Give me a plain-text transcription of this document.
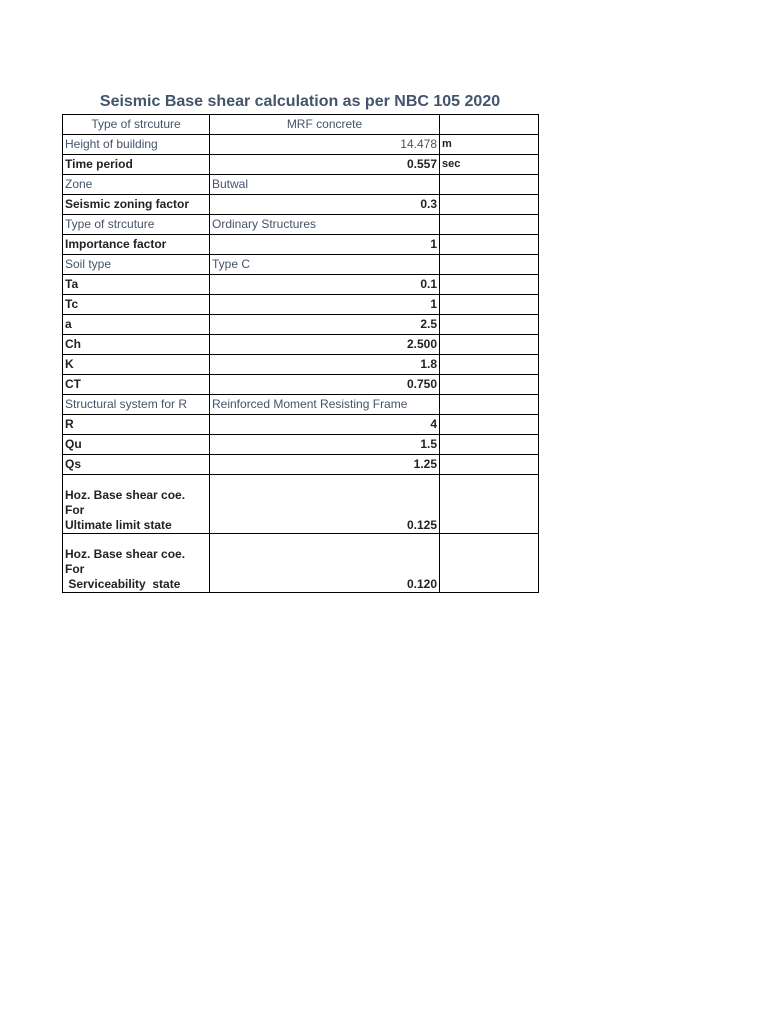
Seismic Base shear calculation as per NBC 105 2020
Type of strcuture	MRF concrete	
Height of building	14.478	m
Time period	0.557	sec
Zone	Butwal	
Seismic zoning factor	0.3	
Type of strcuture	Ordinary Structures	
Importance factor	1	
Soil type	Type C	
Ta	0.1	
Tc	1	
a	2.5	
Ch	2.500	
K	1.8	
CT	0.750	
Structural system for R	Reinforced Moment Resisting Frame	
R	4	
Qu	1.5	
Qs	1.25	

Hoz. Base shear coe.
For
Ultimate limit state	0.125	

Hoz. Base shear coe.
For
Serviceability  state	0.120	
